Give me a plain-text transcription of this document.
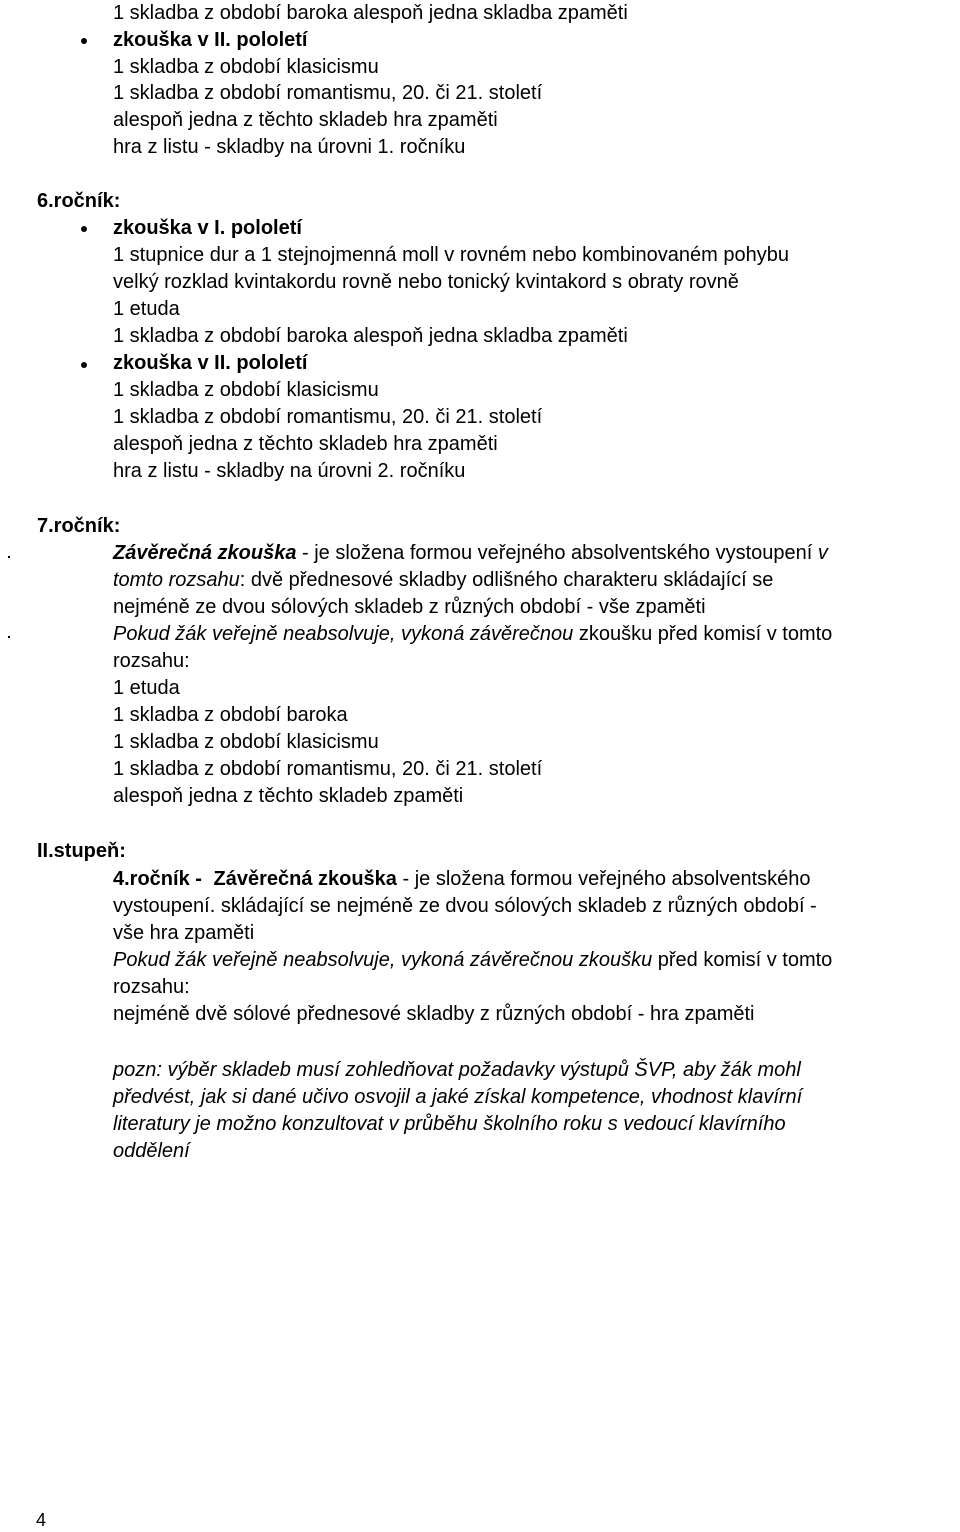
1 skladba z období baroka alespoň jedna skladba zpaměti
zkouška v II. pololetí
1 skladba z období klasicismu
1 skladba z období romantismu, 20. či 21. století
alespoň jedna z těchto skladeb hra zpaměti
hra z listu - skladby na úrovni 1. ročníku
6.ročník:
zkouška v I. pololetí
1 stupnice dur a 1 stejnojmenná moll v rovném nebo kombinovaném pohybu
velký rozklad kvintakordu rovně nebo tonický kvintakord s obraty rovně
1 etuda
1 skladba z období baroka alespoň jedna skladba zpaměti
zkouška v II. pololetí
1 skladba z období klasicismu
1 skladba z období romantismu, 20. či 21. století
alespoň jedna z těchto skladeb hra zpaměti
hra z listu - skladby na úrovni 2. ročníku
7.ročník:
Závěrečná zkouška - je složena formou veřejného absolventského vystoupení v
tomto rozsahu: dvě přednesové skladby odlišného charakteru skládající se
nejméně ze dvou sólových skladeb z různých období - vše zpaměti
Pokud žák veřejně neabsolvuje, vykoná závěrečnou zkoušku před komisí v tomto
rozsahu:
1 etuda
1 skladba z období baroka
1 skladba z období klasicismu
1 skladba z období romantismu, 20. či 21. století
alespoň jedna z těchto skladeb zpaměti
II.stupeň:
4.ročník - Závěrečná zkouška - je složena formou veřejného absolventského
vystoupení. skládající se nejméně ze dvou sólových skladeb z různých období -
vše hra zpaměti
Pokud žák veřejně neabsolvuje, vykoná závěrečnou zkoušku před komisí v tomto
rozsahu:
nejméně dvě sólové přednesové skladby z různých období - hra zpaměti
pozn: výběr skladeb musí zohledňovat požadavky výstupů ŠVP, aby žák mohl
předvést, jak si dané učivo osvojil a jaké získal kompetence, vhodnost klavírní
literatury je možno konzultovat v průběhu školního roku s vedoucí klavírního
oddělení
4
